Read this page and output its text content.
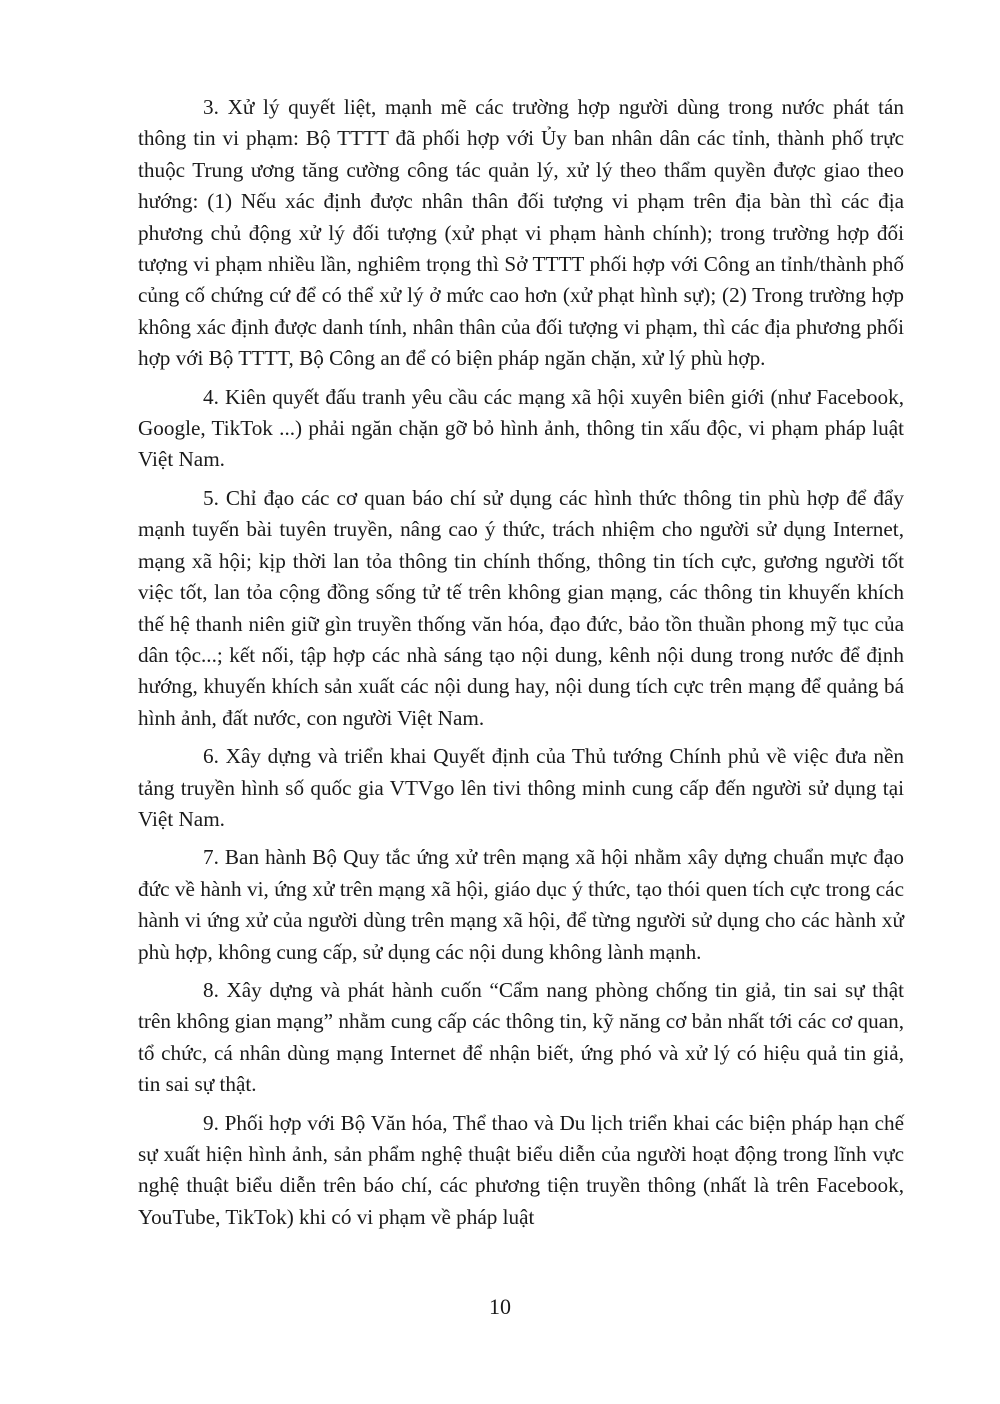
3. Xử lý quyết liệt, mạnh mẽ các trường hợp người dùng trong nước phát tán thông tin vi phạm: Bộ TTTT đã phối hợp với Ủy ban nhân dân các tỉnh, thành phố trực thuộc Trung ương tăng cường công tác quản lý, xử lý theo thẩm quyền được giao theo hướng: (1) Nếu xác định được nhân thân đối tượng vi phạm trên địa bàn thì các địa phương chủ động xử lý đối tượng (xử phạt vi phạm hành chính); trong trường hợp đối tượng vi phạm nhiều lần, nghiêm trọng thì Sở TTTT phối hợp với Công an tỉnh/thành phố củng cố chứng cứ để có thể xử lý ở mức cao hơn (xử phạt hình sự); (2) Trong trường hợp không xác định được danh tính, nhân thân của đối tượng vi phạm, thì các địa phương phối hợp với Bộ TTTT, Bộ Công an để có biện pháp ngăn chặn, xử lý phù hợp.

4. Kiên quyết đấu tranh yêu cầu các mạng xã hội xuyên biên giới (như Facebook, Google, TikTok ...) phải ngăn chặn gỡ bỏ hình ảnh, thông tin xấu độc, vi phạm pháp luật Việt Nam.

5. Chỉ đạo các cơ quan báo chí sử dụng các hình thức thông tin phù hợp để đẩy mạnh tuyến bài tuyên truyền, nâng cao ý thức, trách nhiệm cho người sử dụng Internet, mạng xã hội; kịp thời lan tỏa thông tin chính thống, thông tin tích cực, gương người tốt việc tốt, lan tỏa cộng đồng sống tử tế trên không gian mạng, các thông tin khuyến khích thế hệ thanh niên giữ gìn truyền thống văn hóa, đạo đức, bảo tồn thuần phong mỹ tục của dân tộc...; kết nối, tập hợp các nhà sáng tạo nội dung, kênh nội dung trong nước để định hướng, khuyến khích sản xuất các nội dung hay, nội dung tích cực trên mạng để quảng bá hình ảnh, đất nước, con người Việt Nam.

6. Xây dựng và triển khai Quyết định của Thủ tướng Chính phủ về việc đưa nền tảng truyền hình số quốc gia VTVgo lên tivi thông minh cung cấp đến người sử dụng tại Việt Nam.

7. Ban hành Bộ Quy tắc ứng xử trên mạng xã hội nhằm xây dựng chuẩn mực đạo đức về hành vi, ứng xử trên mạng xã hội, giáo dục ý thức, tạo thói quen tích cực trong các hành vi ứng xử của người dùng trên mạng xã hội, để từng người sử dụng cho các hành xử phù hợp, không cung cấp, sử dụng các nội dung không lành mạnh.

8. Xây dựng và phát hành cuốn “Cẩm nang phòng chống tin giả, tin sai sự thật trên không gian mạng” nhằm cung cấp các thông tin, kỹ năng cơ bản nhất tới các cơ quan, tổ chức, cá nhân dùng mạng Internet để nhận biết, ứng phó và xử lý có hiệu quả tin giả, tin sai sự thật.

9. Phối hợp với Bộ Văn hóa, Thể thao và Du lịch triển khai các biện pháp hạn chế sự xuất hiện hình ảnh, sản phẩm nghệ thuật biểu diễn của người hoạt động trong lĩnh vực nghệ thuật biểu diễn trên báo chí, các phương tiện truyền thông (nhất là trên Facebook, YouTube, TikTok) khi có vi phạm về pháp luật

10
